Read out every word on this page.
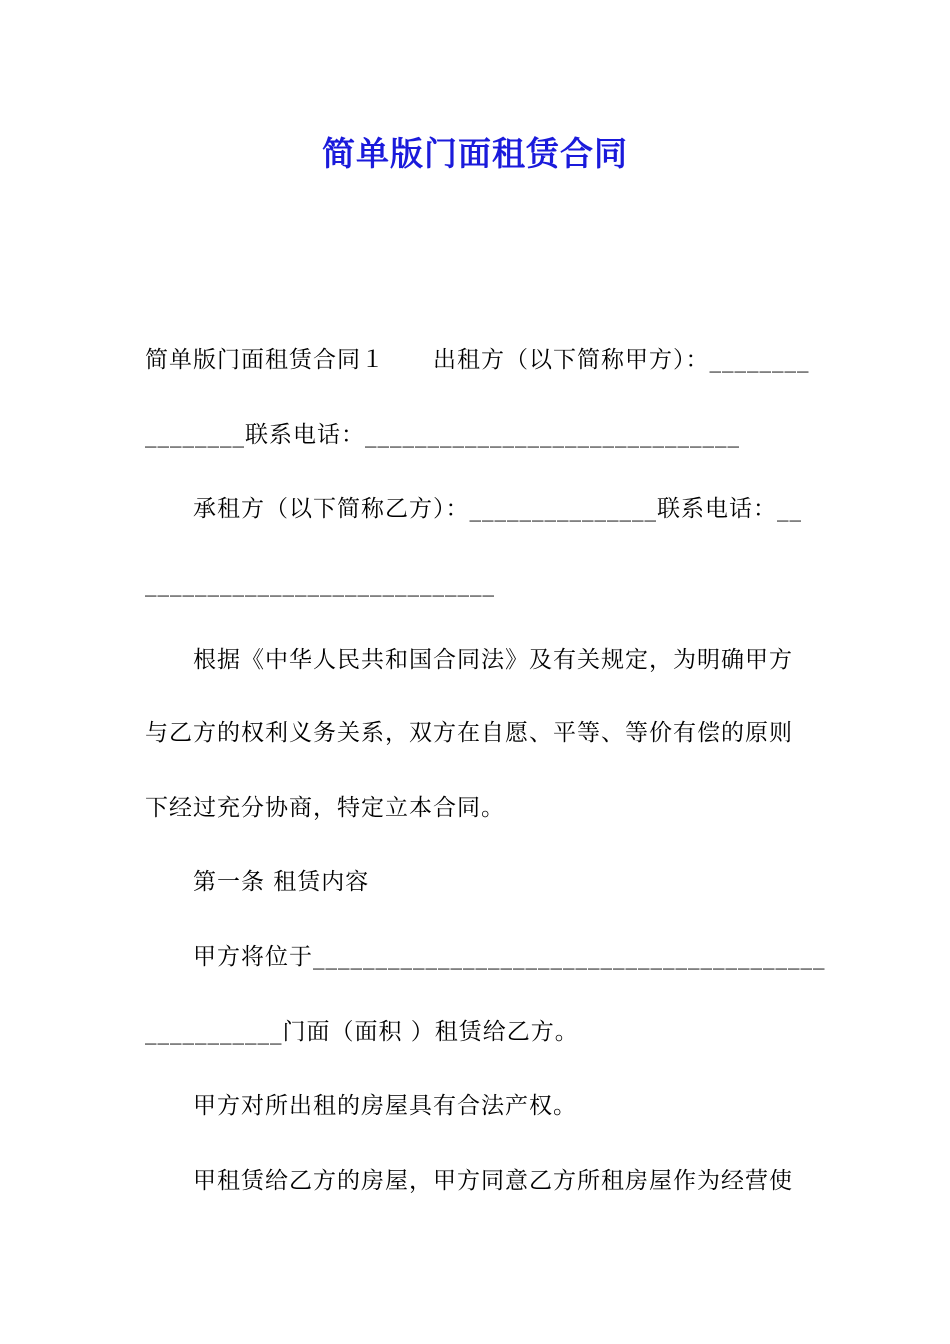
简单版门面租赁合同
简单版门面租赁合同１　　出租方（以下简称甲方）：________
________联系电话：______________________________
承租方（以下简称乙方）：_______________联系电话：__
____________________________
根据《中华人民共和国合同法》及有关规定，为明确甲方
与乙方的权利义务关系，双方在自愿、平等、等价有偿的原则
下经过充分协商，特定立本合同。
第一条 租赁内容
甲方将位于_________________________________________
___________门面（面积 ）租赁给乙方。
甲方对所出租的房屋具有合法产权。
甲租赁给乙方的房屋，甲方同意乙方所租房屋作为经营使
